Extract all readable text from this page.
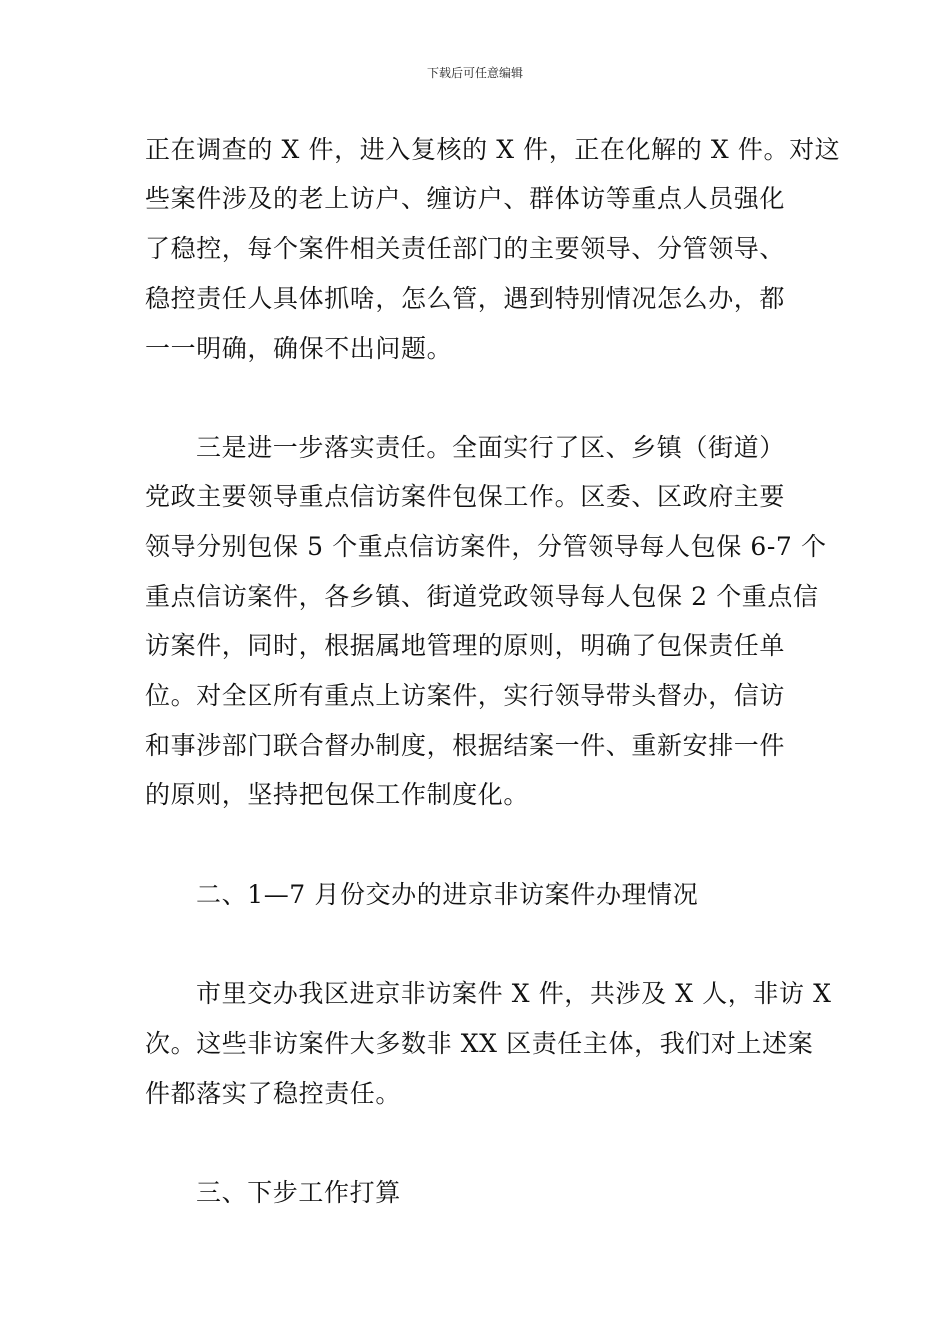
下载后可任意编辑
正在调查的 X 件，进入复核的 X 件，正在化解的 X 件。对这
些案件涉及的老上访户、缠访户、群体访等重点人员强化
了稳控，每个案件相关责任部门的主要领导、分管领导、
稳控责任人具体抓啥，怎么管，遇到特别情况怎么办，都
一一明确，确保不出问题。
三是进一步落实责任。全面实行了区、乡镇（街道）
党政主要领导重点信访案件包保工作。区委、区政府主要
领导分别包保 5 个重点信访案件，分管领导每人包保 6-7 个
重点信访案件，各乡镇、街道党政领导每人包保 2 个重点信
访案件，同时，根据属地管理的原则，明确了包保责任单
位。对全区所有重点上访案件，实行领导带头督办，信访
和事涉部门联合督办制度，根据结案一件、重新安排一件
的原则，坚持把包保工作制度化。
二、1—7 月份交办的进京非访案件办理情况
市里交办我区进京非访案件 X 件，共涉及 X 人，非访 X
次。这些非访案件大多数非 XX 区责任主体，我们对上述案
件都落实了稳控责任。
三、下步工作打算
